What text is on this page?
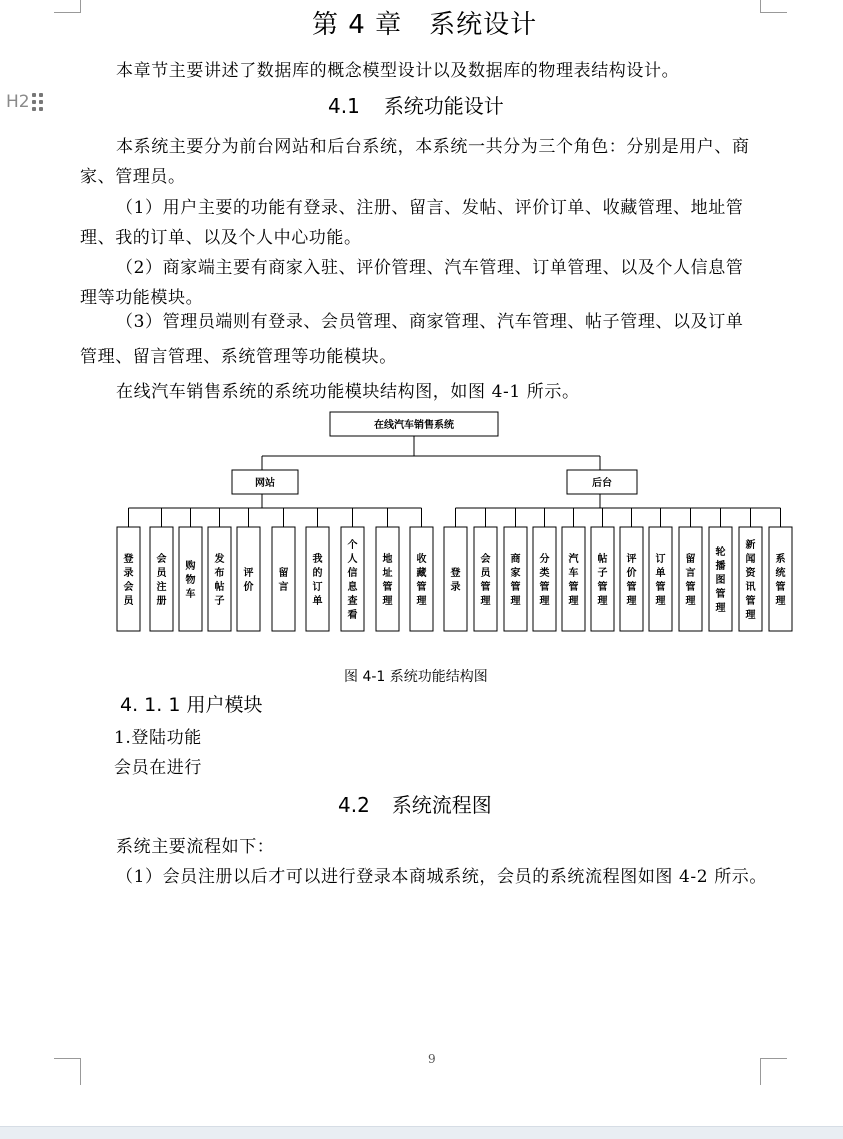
H2
第 4 章　系统设计
本章节主要讲述了数据库的概念模型设计以及数据库的物理表结构设计。
4.1 系统功能设计
本系统主要分为前台网站和后台系统，本系统一共分为三个角色：分别是用户、商
家、管理员。
（1）用户主要的功能有登录、注册、留言、发帖、评价订单、收藏管理、地址管
理、我的订单、以及个人中心功能。
（2）商家端主要有商家入驻、评价管理、汽车管理、订单管理、以及个人信息管
理等功能模块。
（3）管理员端则有登录、会员管理、商家管理、汽车管理、帖子管理、以及订单
管理、留言管理、系统管理等功能模块。
在线汽车销售系统的系统功能模块结构图，如图 4-1 所示。
在线汽车销售系统
网站	后台
登录会员
会员注册
购物车
发布帖子
评价
留言
我的订单
个人信息查看
地址管理
收藏管理
登录
会员管理
商家管理
分类管理
汽车管理
帖子管理
评价管理
订单管理
留言管理
轮播图管理
新闻资讯管理
系统管理
图 4-1 系统功能结构图
4. 1. 1 用户模块
1.登陆功能
会员在进行
4.2 系统流程图
系统主要流程如下：
（1）会员注册以后才可以进行登录本商城系统，会员的系统流程图如图 4-2 所示。
9
